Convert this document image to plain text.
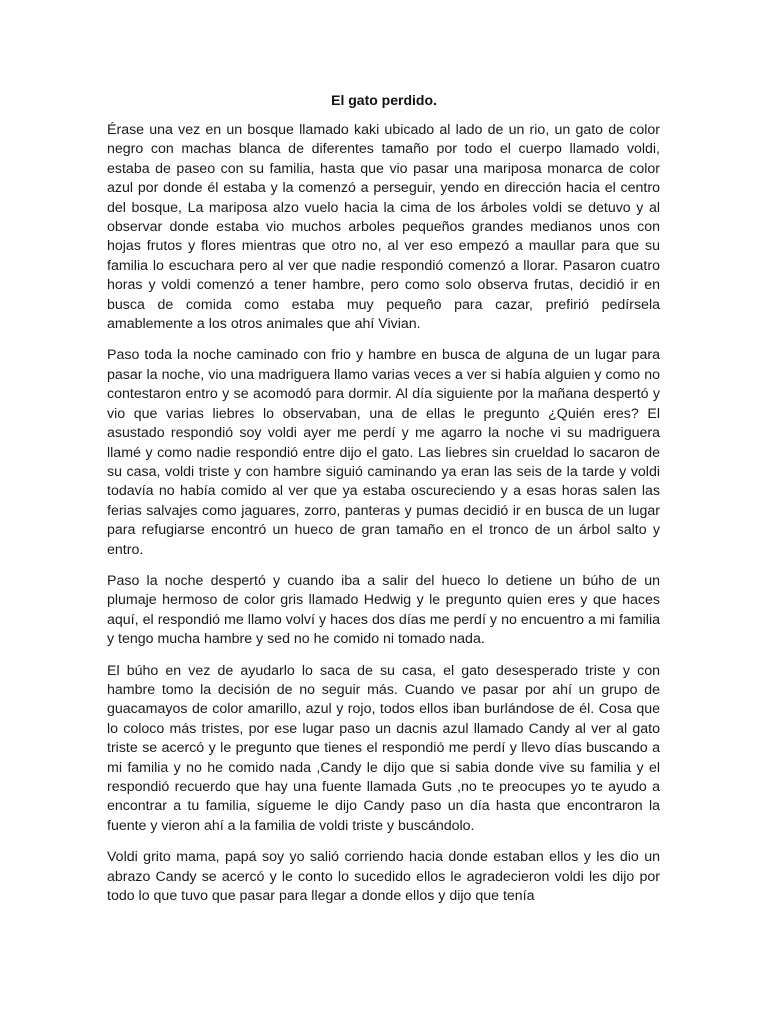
El gato perdido.

Érase una vez en un bosque llamado kaki ubicado al lado de un rio, un gato de color negro con machas blanca de diferentes tamaño por todo el cuerpo llamado voldi, estaba de paseo con su familia, hasta que vio pasar una mariposa monarca de color azul por donde él estaba y la comenzó a perseguir, yendo en dirección hacia el centro del bosque, La mariposa alzo vuelo hacia la cima de los árboles voldi se detuvo y al observar donde estaba vio muchos arboles pequeños grandes medianos unos con hojas frutos y flores mientras que otro no, al ver eso empezó a maullar para que su familia lo escuchara pero al ver que nadie respondió comenzó a llorar. Pasaron cuatro horas y voldi comenzó a tener hambre, pero como solo observa frutas, decidió ir en busca de comida como estaba muy pequeño para cazar, prefirió pedírsela amablemente a los otros animales que ahí Vivian.

Paso toda la noche caminado con frio y hambre en busca de alguna de un lugar para pasar la noche, vio una madriguera llamo varias veces a ver si había alguien y como no contestaron entro y se acomodó para dormir. Al día siguiente por la mañana despertó y vio que varias liebres lo observaban, una de ellas le pregunto ¿Quién eres? El asustado respondió soy voldi ayer me perdí y me agarro la noche vi su madriguera llamé y como nadie respondió entre dijo el gato. Las liebres sin crueldad lo sacaron de su casa, voldi triste y con hambre siguió caminando ya eran las seis de la tarde y voldi todavía no había comido al ver que ya estaba oscureciendo y a esas horas salen las ferias salvajes como jaguares, zorro, panteras y pumas decidió ir en busca de un lugar para refugiarse encontró un hueco de gran tamaño en el tronco de un árbol salto y entro.

Paso la noche despertó y cuando iba a salir del hueco lo detiene un búho de un plumaje hermoso de color gris llamado Hedwig y le pregunto quien eres y que haces aquí, el respondió me llamo volví y haces dos días me perdí y no encuentro a mi familia y tengo mucha hambre y sed no he comido ni tomado nada.

El búho en vez de ayudarlo lo saca de su casa, el gato desesperado triste y con hambre tomo la decisión de no seguir más. Cuando ve pasar por ahí un grupo de guacamayos de color amarillo, azul y rojo, todos ellos iban burlándose de él. Cosa que lo coloco más tristes, por ese lugar paso un dacnis azul llamado Candy al ver al gato triste se acercó y le pregunto que tienes el respondió me perdí y llevo días buscando a mi familia y no he comido nada ,Candy le dijo que si sabia donde vive su familia y el respondió recuerdo que hay una fuente llamada Guts ,no te preocupes yo te ayudo a encontrar a tu familia, sígueme le dijo Candy paso un día hasta que encontraron la fuente y vieron ahí a la familia de voldi triste y buscándolo.

Voldi grito mama, papá soy yo salió corriendo hacia donde estaban ellos y les dio un abrazo Candy se acercó y le conto lo sucedido ellos le agradecieron voldi les dijo por todo lo que tuvo que pasar para llegar a donde ellos y dijo que tenía
